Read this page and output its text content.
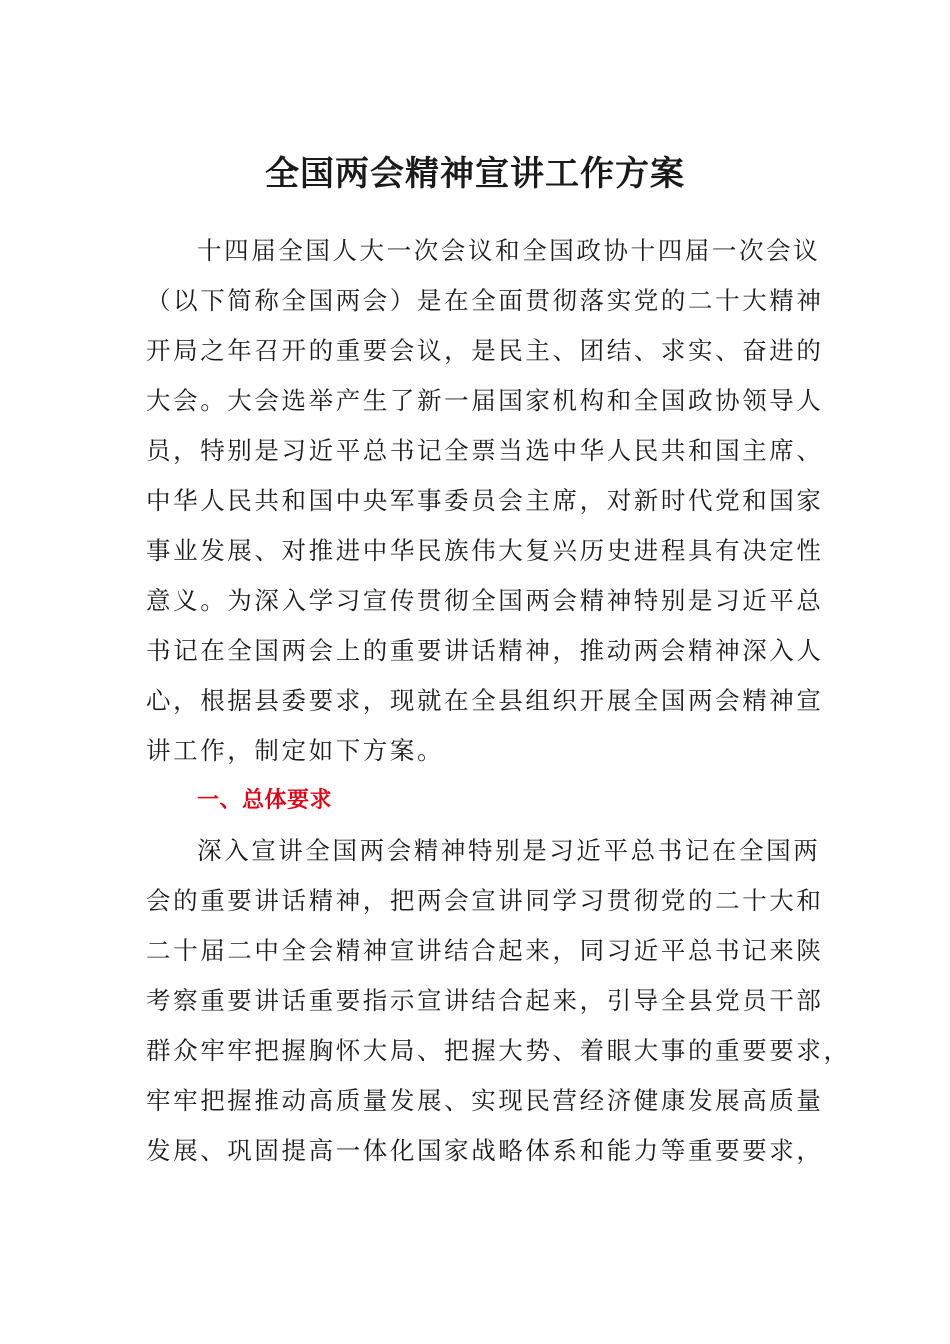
全国两会精神宣讲工作方案
十四届全国人大一次会议和全国政协十四届一次会议
（以下简称全国两会）是在全面贯彻落实党的二十大精神
开局之年召开的重要会议，是民主、团结、求实、奋进的
大会。大会选举产生了新一届国家机构和全国政协领导人
员，特别是习近平总书记全票当选中华人民共和国主席、
中华人民共和国中央军事委员会主席，对新时代党和国家
事业发展、对推进中华民族伟大复兴历史进程具有决定性
意义。为深入学习宣传贯彻全国两会精神特别是习近平总
书记在全国两会上的重要讲话精神，推动两会精神深入人
心，根据县委要求，现就在全县组织开展全国两会精神宣
讲工作，制定如下方案。
一、总体要求
深入宣讲全国两会精神特别是习近平总书记在全国两
会的重要讲话精神，把两会宣讲同学习贯彻党的二十大和
二十届二中全会精神宣讲结合起来，同习近平总书记来陕
考察重要讲话重要指示宣讲结合起来，引导全县党员干部
群众牢牢把握胸怀大局、把握大势、着眼大事的重要要求，
牢牢把握推动高质量发展、实现民营经济健康发展高质量
发展、巩固提高一体化国家战略体系和能力等重要要求，
